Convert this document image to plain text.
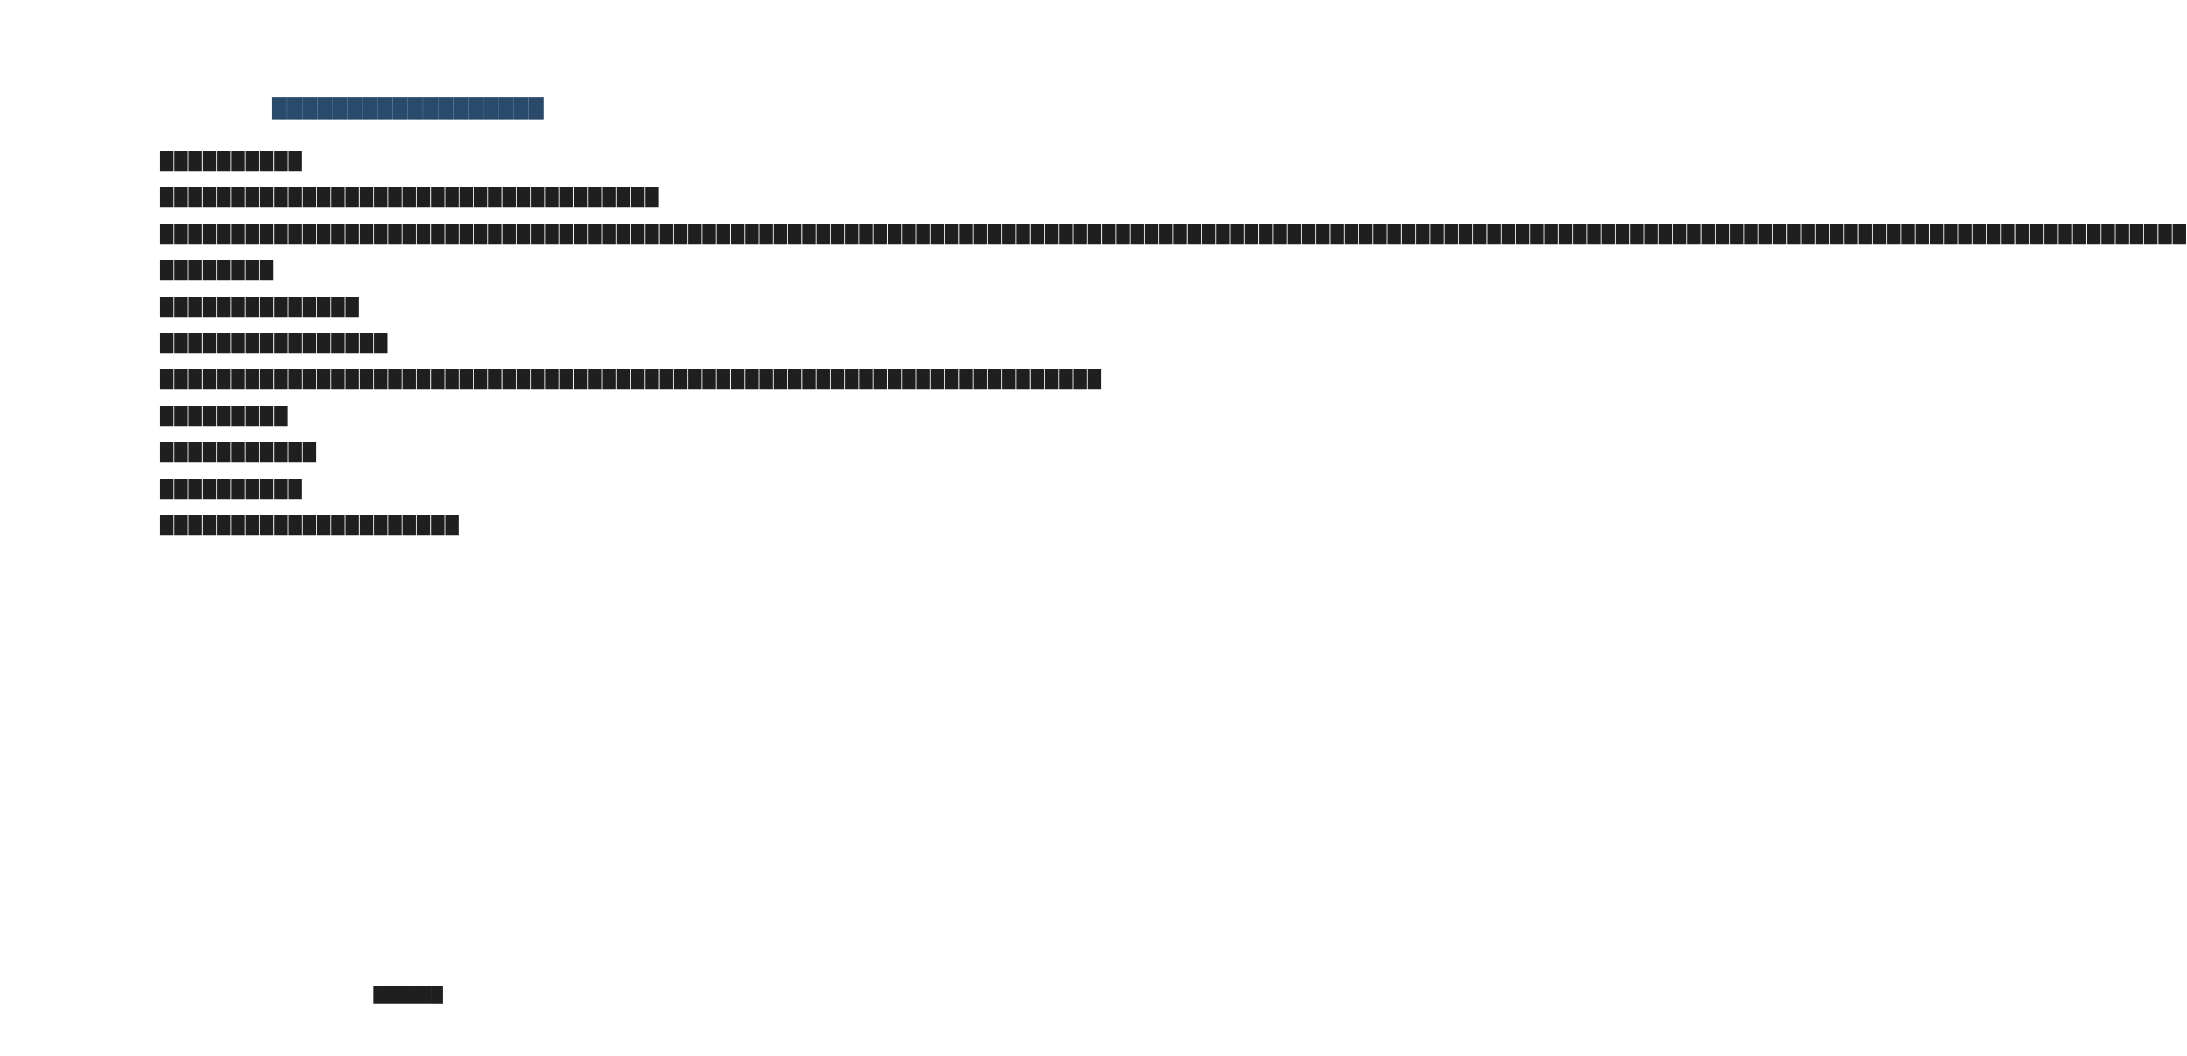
██████████████████

██████████

███████████████████████████████████

██████████████████████████████████████████████████████████████████████████████████████████████████████████████████████████████████████████████

████████

██████████████

████████████████

██████████████████████████████████████████████████████████████████

█████████

███████████

██████████

█████████████████████

██████
